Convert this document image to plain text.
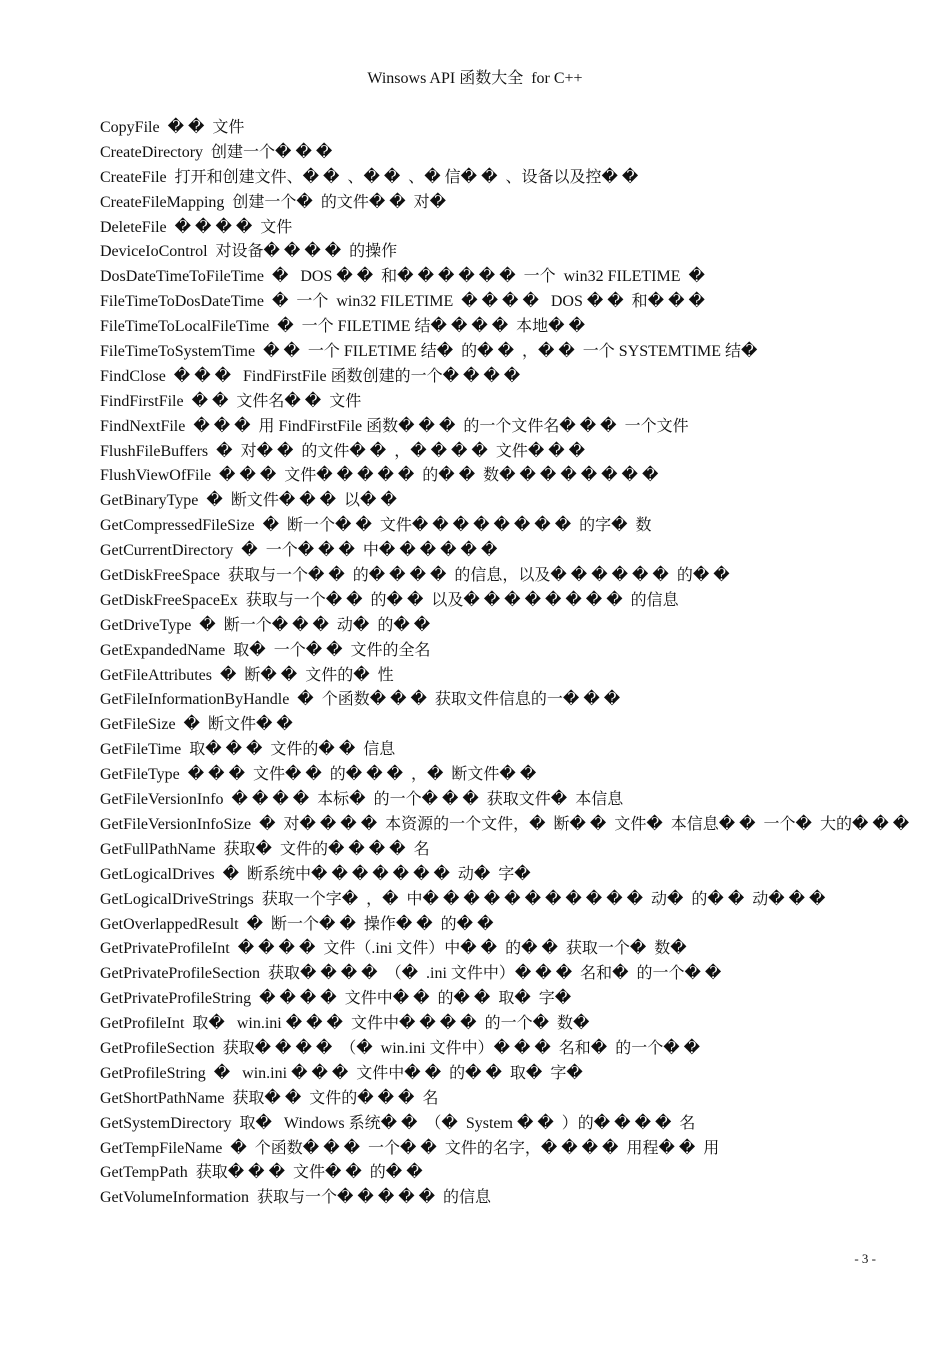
Winsows API 函数大全  for C++
CopyFile  � �  文件
CreateDirectory  创建一个� � �
CreateFile  打开和创建文件、� �  、� �  、� 信� �  、设备以及控� �
CreateFileMapping  创建一个�  的文件� �  对�
DeleteFile  � � � �  文件
DeviceIoControl  对设备� � � �  的操作
DosDateTimeToFileTime  �   DOS � �  和� � � � � �  一个  win32 FILETIME  �
FileTimeToDosDateTime  �  一个  win32 FILETIME  � � � �   DOS � �  和� � �
FileTimeToLocalFileTime  �  一个 FILETIME 结� � � �  本地� �
FileTimeToSystemTime  � �  一个 FILETIME 结�  的� �  ，� �  一个 SYSTEMTIME 结�
FindClose  � � �   FindFirstFile 函数创建的一个� � � �
FindFirstFile  � �  文件名� �  文件
FindNextFile  � � �  用 FindFirstFile 函数� � �  的一个文件名� � �  一个文件
FlushFileBuffers  �  对� �  的文件� �  ，� � � �  文件� � �
FlushViewOfFile  � � �  文件� � � � �  的� �  数� � � � � � � �
GetBinaryType  �  断文件� � �  以� �
GetCompressedFileSize  �  断一个� �  文件� � � � � � � �  的字�  数
GetCurrentDirectory  �  一个� � �  中� � � � � �
GetDiskFreeSpace  获取与一个� �  的� � � �  的信息，以及� � � � � �  的� �
GetDiskFreeSpaceEx  获取与一个� �  的� �  以及� � � � � � � �  的信息
GetDriveType  �  断一个� � �  动�  的� �
GetExpandedName  取�  一个� �  文件的全名
GetFileAttributes  �  断� �  文件的�  性
GetFileInformationByHandle  �  个函数� � �  获取文件信息的一� � �
GetFileSize  �  断文件� �
GetFileTime  取� � �  文件的� �  信息
GetFileType  � � �  文件� �  的� � �  ，�  断文件� �
GetFileVersionInfo  � � � �  本标�  的一个� � �  获取文件�  本信息
GetFileVersionInfoSize  �  对� � � �  本资源的一个文件，�  断� �  文件�  本信息� �  一个�  大的� � �
GetFullPathName  获取�  文件的� � � �  名
GetLogicalDrives  �  断系统中� � � � � � �  动�  字�
GetLogicalDriveStrings  获取一个字�  ，�  中� � � � � � � � � � �  动�  的� �  动� � �
GetOverlappedResult  �  断一个� �  操作� �  的� �
GetPrivateProfileInt  � � � �  文件（.ini 文件）中� �  的� �  获取一个�  数�
GetPrivateProfileSection  获取� � � �  （�  .ini 文件中）� � �  名和�  的一个� �
GetPrivateProfileString  � � � �  文件中� �  的� �  取�  字�
GetProfileInt  取�   win.ini � � �  文件中� � � �  的一个�  数�
GetProfileSection  获取� � � �  （�  win.ini 文件中）� � �  名和�  的一个� �
GetProfileString  �   win.ini � � �  文件中� �  的� �  取�  字�
GetShortPathName  获取� �  文件的� � �  名
GetSystemDirectory  取�   Windows 系统� �  （�  System � �  ）的� � � �  名
GetTempFileName  �  个函数� � �  一个� �  文件的名字，� � � �  用程� �  用
GetTempPath  获取� � �  文件� �  的� �
GetVolumeInformation  获取与一个� � � � �  的信息
- 3 -
